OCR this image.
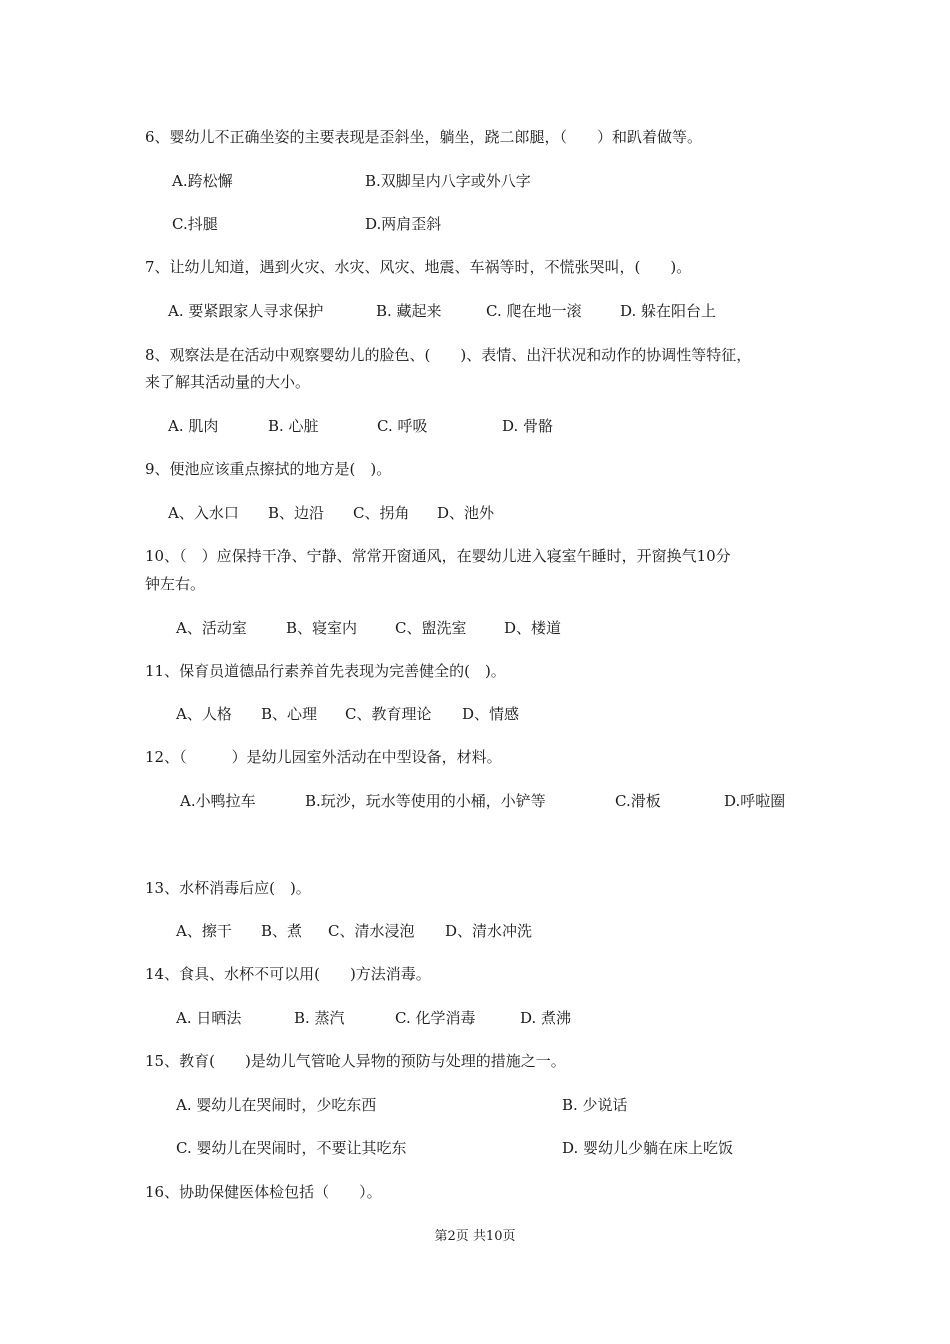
6、婴幼儿不正确坐姿的主要表现是歪斜坐，躺坐，跷二郎腿，（　　）和趴着做等。
A.跨松懈	B.双脚呈内八字或外八字
C.抖腿	D.两肩歪斜
7、让幼儿知道，遇到火灾、水灾、风灾、地震、车祸等时，不慌张哭叫，(　　)。
A. 要紧跟家人寻求保护	B. 藏起来	C. 爬在地一滚	D. 躲在阳台上
8、观察法是在活动中观察婴幼儿的脸色、(　　)、表情、出汗状况和动作的协调性等特征，
来了解其活动量的大小。
A. 肌肉	B. 心脏	C. 呼吸	D. 骨骼
9、便池应该重点擦拭的地方是(　)。
A、入水口 B、边沿 C、拐角 D、池外
10、（　）应保持干净、宁静、常常开窗通风，在婴幼儿进入寝室午睡时，开窗换气10分
钟左右。
A、活动室	B、寝室内	C、盥洗室	D、楼道
11、保育员道德品行素养首先表现为完善健全的(　)。
A、人格 B、心理 C、教育理论 D、情感
12、（　　　）是幼儿园室外活动在中型设备，材料。
A.小鸭拉车	B.玩沙，玩水等使用的小桶，小铲等	C.滑板	D.呼啦圈
13、水杯消毒后应(　)。
A、擦干 B、煮 C、清水浸泡 D、清水冲洗
14、食具、水杯不可以用(　　)方法消毒。
A. 日晒法	B. 蒸汽	C. 化学消毒	D. 煮沸
15、教育(　　)是幼儿气管呛人异物的预防与处理的措施之一。
A. 婴幼儿在哭闹时，少吃东西	B. 少说话
C. 婴幼儿在哭闹时，不要让其吃东	D. 婴幼儿少躺在床上吃饭
16、协助保健医体检包括（　　）。
第2页 共10页
